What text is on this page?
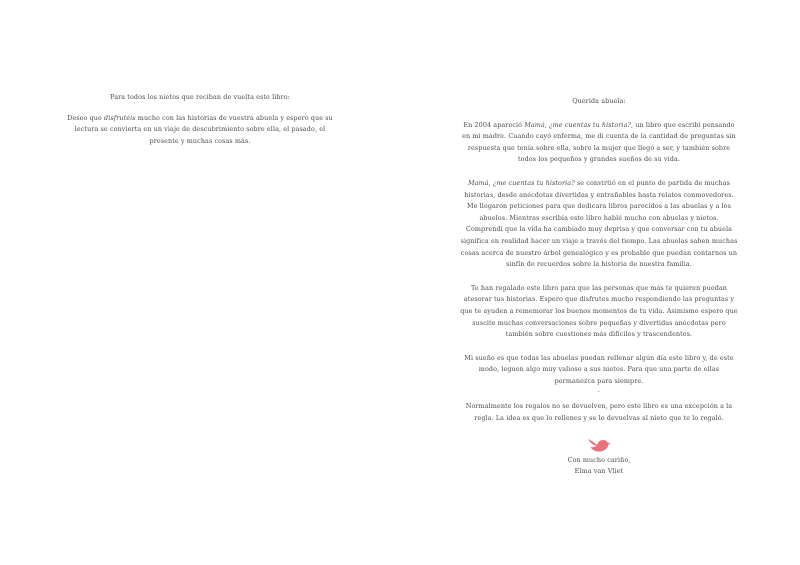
Para todos los nietos que reciban de vuelta este libro:

Deseo que disfrutéis mucho con las historias de vuestra abuela y espero que su lectura se convierta en un viaje de descubrimiento sobre ella, el pasado, el presente y muchas cosas más.

Querida abuela:

En 2004 apareció Mamá, ¿me cuentas tu historia?, un libro que escribí pensando en mi madre. Cuando cayó enferma, me di cuenta de la cantidad de preguntas sin respuesta que tenía sobre ella, sobre la mujer que llegó a ser, y también sobre todos los pequeños y grandes sueños de su vida.

Mamá, ¿me cuentas tu historia? se convirtió en el punto de partida de muchas historias, desde anécdotas divertidas y entrañables hasta relatos conmovedores. Me llegaron peticiones para que dedicara libros parecidos a las abuelas y a los abuelos. Mientras escribía este libro hablé mucho con abuelas y nietos. Comprendí que la vida ha cambiado muy deprisa y que conversar con tu abuela significa en realidad hacer un viaje a través del tiempo. Las abuelas saben muchas cosas acerca de nuestro árbol genealógico y es probable que puedan contarnos un sinfín de recuerdos sobre la historia de nuestra familia.

Te han regalado este libro para que las personas que más te quieren puedan atesorar tus historias. Espero que disfrutes mucho respondiendo las preguntas y que te ayuden a rememorar los buenos momentos de tu vida. Asimismo espero que suscite muchas conversaciones sobre pequeñas y divertidas anécdotas pero también sobre cuestiones más difíciles y trascendentes.

Mi sueño es que todas las abuelas puedan rellenar algún día este libro y, de este modo, leguen algo muy valioso a sus nietos. Para que una parte de ellas permanezca para siempre.

.

Normalmente los regalos no se devuelven, pero este libro es una excepción a la regla. La idea es que lo rellenes y se lo devuelvas al nieto que te lo regaló.

Con mucho cariño,

Elma van Vliet
